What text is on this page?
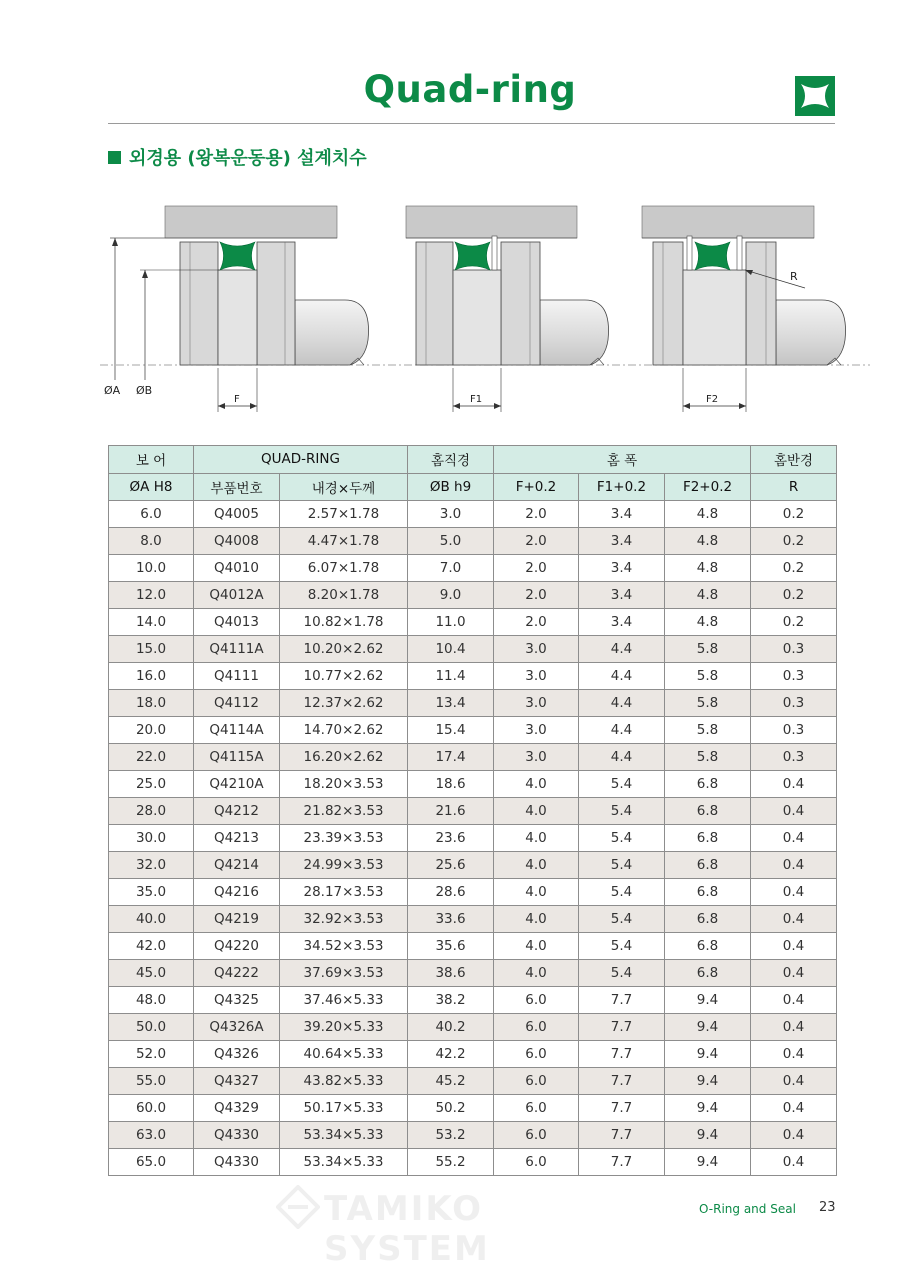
Quad-ring
외경용 (왕복운동용) 설계치수
ØA ØB
F	F1	F2
R
보 어	QUAD-RING		홈직경	홈 폭			홈반경
ØA H8	부품번호	내경×두께	ØB h9	F+0.2	F1+0.2	F2+0.2	R
6.0	Q4005	2.57×1.78	3.0	2.0	3.4	4.8	0.2
8.0	Q4008	4.47×1.78	5.0	2.0	3.4	4.8	0.2
10.0	Q4010	6.07×1.78	7.0	2.0	3.4	4.8	0.2
12.0	Q4012A	8.20×1.78	9.0	2.0	3.4	4.8	0.2
14.0	Q4013	10.82×1.78	11.0	2.0	3.4	4.8	0.2
15.0	Q4111A	10.20×2.62	10.4	3.0	4.4	5.8	0.3
16.0	Q4111	10.77×2.62	11.4	3.0	4.4	5.8	0.3
18.0	Q4112	12.37×2.62	13.4	3.0	4.4	5.8	0.3
20.0	Q4114A	14.70×2.62	15.4	3.0	4.4	5.8	0.3
22.0	Q4115A	16.20×2.62	17.4	3.0	4.4	5.8	0.3
25.0	Q4210A	18.20×3.53	18.6	4.0	5.4	6.8	0.4
28.0	Q4212	21.82×3.53	21.6	4.0	5.4	6.8	0.4
30.0	Q4213	23.39×3.53	23.6	4.0	5.4	6.8	0.4
32.0	Q4214	24.99×3.53	25.6	4.0	5.4	6.8	0.4
35.0	Q4216	28.17×3.53	28.6	4.0	5.4	6.8	0.4
40.0	Q4219	32.92×3.53	33.6	4.0	5.4	6.8	0.4
42.0	Q4220	34.52×3.53	35.6	4.0	5.4	6.8	0.4
45.0	Q4222	37.69×3.53	38.6	4.0	5.4	6.8	0.4
48.0	Q4325	37.46×5.33	38.2	6.0	7.7	9.4	0.4
50.0	Q4326A	39.20×5.33	40.2	6.0	7.7	9.4	0.4
52.0	Q4326	40.64×5.33	42.2	6.0	7.7	9.4	0.4
55.0	Q4327	43.82×5.33	45.2	6.0	7.7	9.4	0.4
60.0	Q4329	50.17×5.33	50.2	6.0	7.7	9.4	0.4
63.0	Q4330	53.34×5.33	53.2	6.0	7.7	9.4	0.4
65.0	Q4330	53.34×5.33	55.2	6.0	7.7	9.4	0.4
TAMIKO SYSTEM
O-Ring and Seal 23
